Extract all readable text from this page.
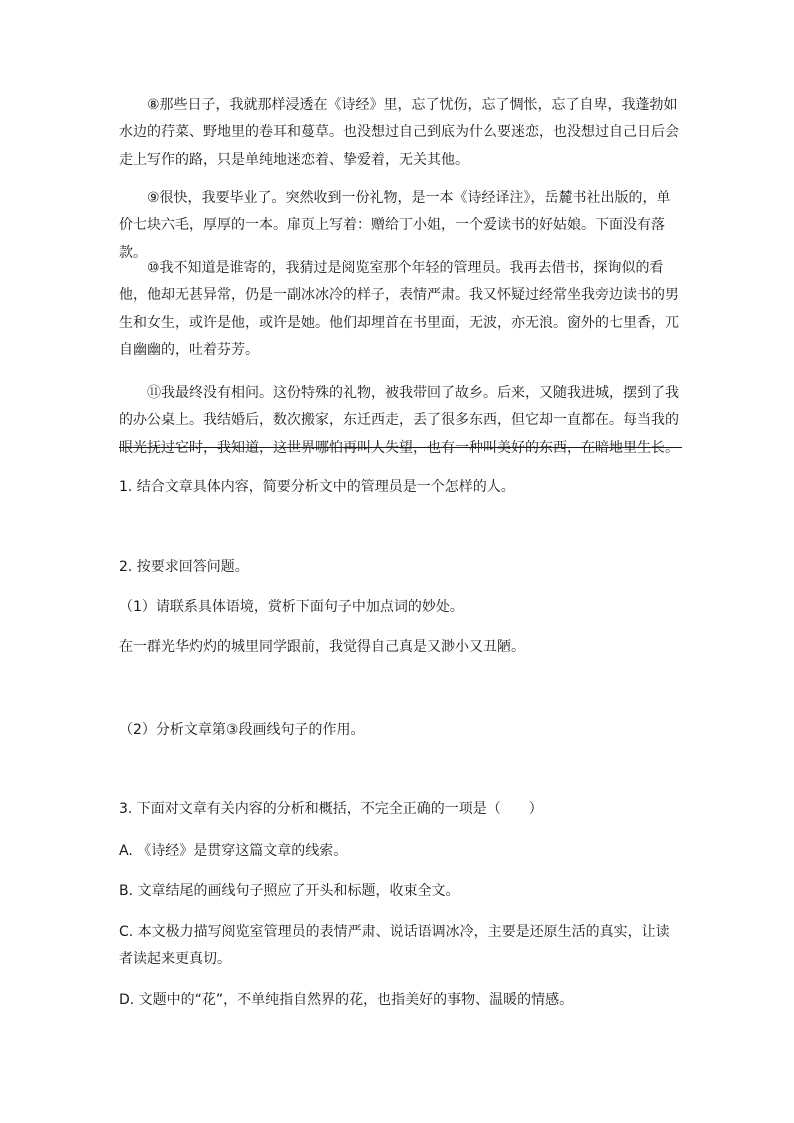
⑧那些日子，我就那样浸透在《诗经》里，忘了忧伤，忘了惆怅，忘了自卑，我蓬勃如水边的荇菜、野地里的卷耳和蔓草。也没想过自己到底为什么要迷恋，也没想过自己日后会走上写作的路，只是单纯地迷恋着、挚爱着，无关其他。

⑨很快，我要毕业了。突然收到一份礼物，是一本《诗经译注》，岳麓书社出版的，单价七块六毛，厚厚的一本。扉页上写着：赠给丁小姐，一个爱读书的好姑娘。下面没有落款。

⑩我不知道是谁寄的，我猜过是阅览室那个年轻的管理员。我再去借书，探询似的看他，他却无甚异常，仍是一副冰冰冷的样子，表情严肃。我又怀疑过经常坐我旁边读书的男生和女生，或许是他，或许是她。他们却埋首在书里面，无波，亦无浪。窗外的七里香，兀自幽幽的，吐着芬芳。

⑪我最终没有相问。这份特殊的礼物，被我带回了故乡。后来，又随我进城，摆到了我的办公桌上。我结婚后，数次搬家，东迁西走，丢了很多东西，但它却一直都在。每当我的眼光抚过它时，我知道，这世界哪怕再叫人失望，也有一种叫美好的东西，在暗地里生长。

1. 结合文章具体内容，简要分析文中的管理员是一个怎样的人。

2. 按要求回答问题。

（1）请联系具体语境，赏析下面句子中加点词的妙处。

在一群光华灼灼的城里同学跟前，我觉得自己真是又渺小又丑陋。

（2）分析文章第③段画线句子的作用。

3. 下面对文章有关内容的分析和概括，不完全正确的一项是（　　）

A. 《诗经》是贯穿这篇文章的线索。

B. 文章结尾的画线句子照应了开头和标题，收束全文。

C. 本文极力描写阅览室管理员的表情严肃、说话语调冰冷，主要是还原生活的真实，让读者读起来更真切。

D. 文题中的“花”，不单纯指自然界的花，也指美好的事物、温暖的情感。
